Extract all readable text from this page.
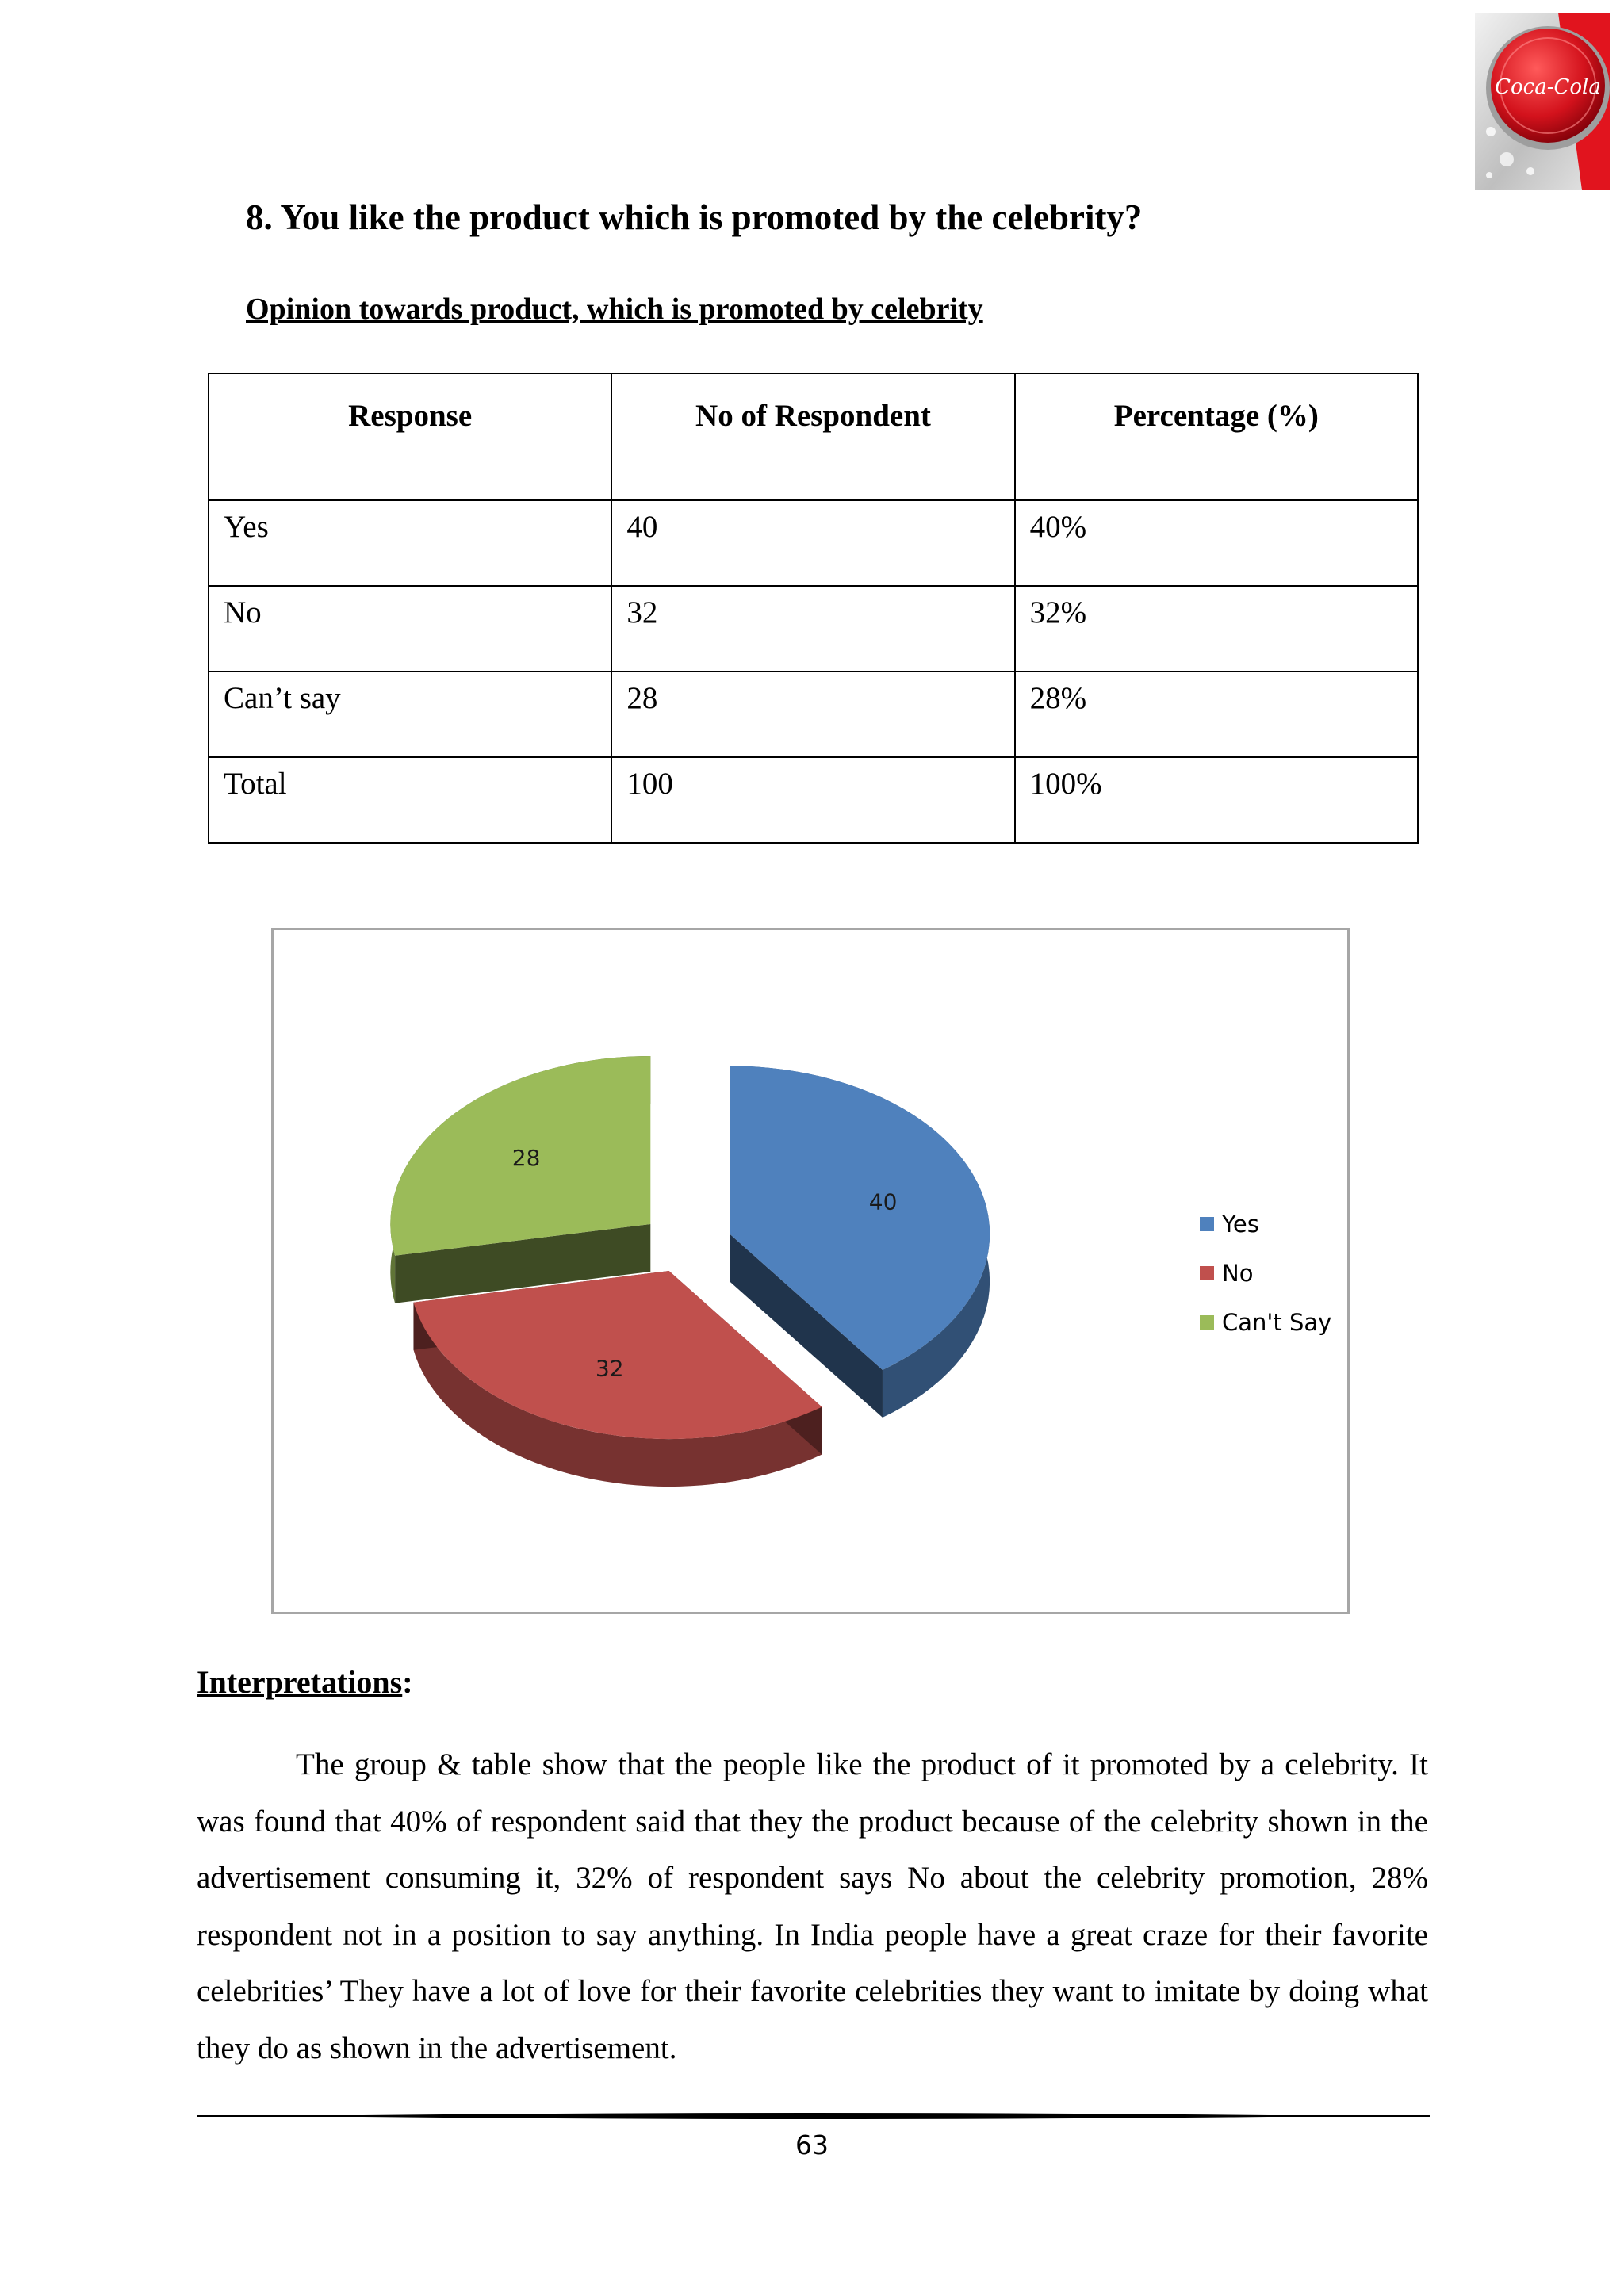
Coca-Cola
8. You like the product which is promoted by the celebrity?
Opinion towards product, which is promoted by celebrity
Response	No of Respondent	Percentage (%)
Yes	40	40%
No	32	32%
Can’t say	28	28%
Total	100	100%
28
40
32
Yes
No
Can't Say
Interpretations:

The group & table show that the people like the product of it promoted by a celebrity. It was found that 40% of respondent said that they the product because of the celebrity shown in the advertisement consuming it, 32% of respondent says No about the celebrity promotion, 28% respondent not in a position to say anything. In India people have a great craze for their favorite celebrities’ They have a lot of love for their favorite celebrities they want to imitate by doing what they do as shown in the advertisement.

63
